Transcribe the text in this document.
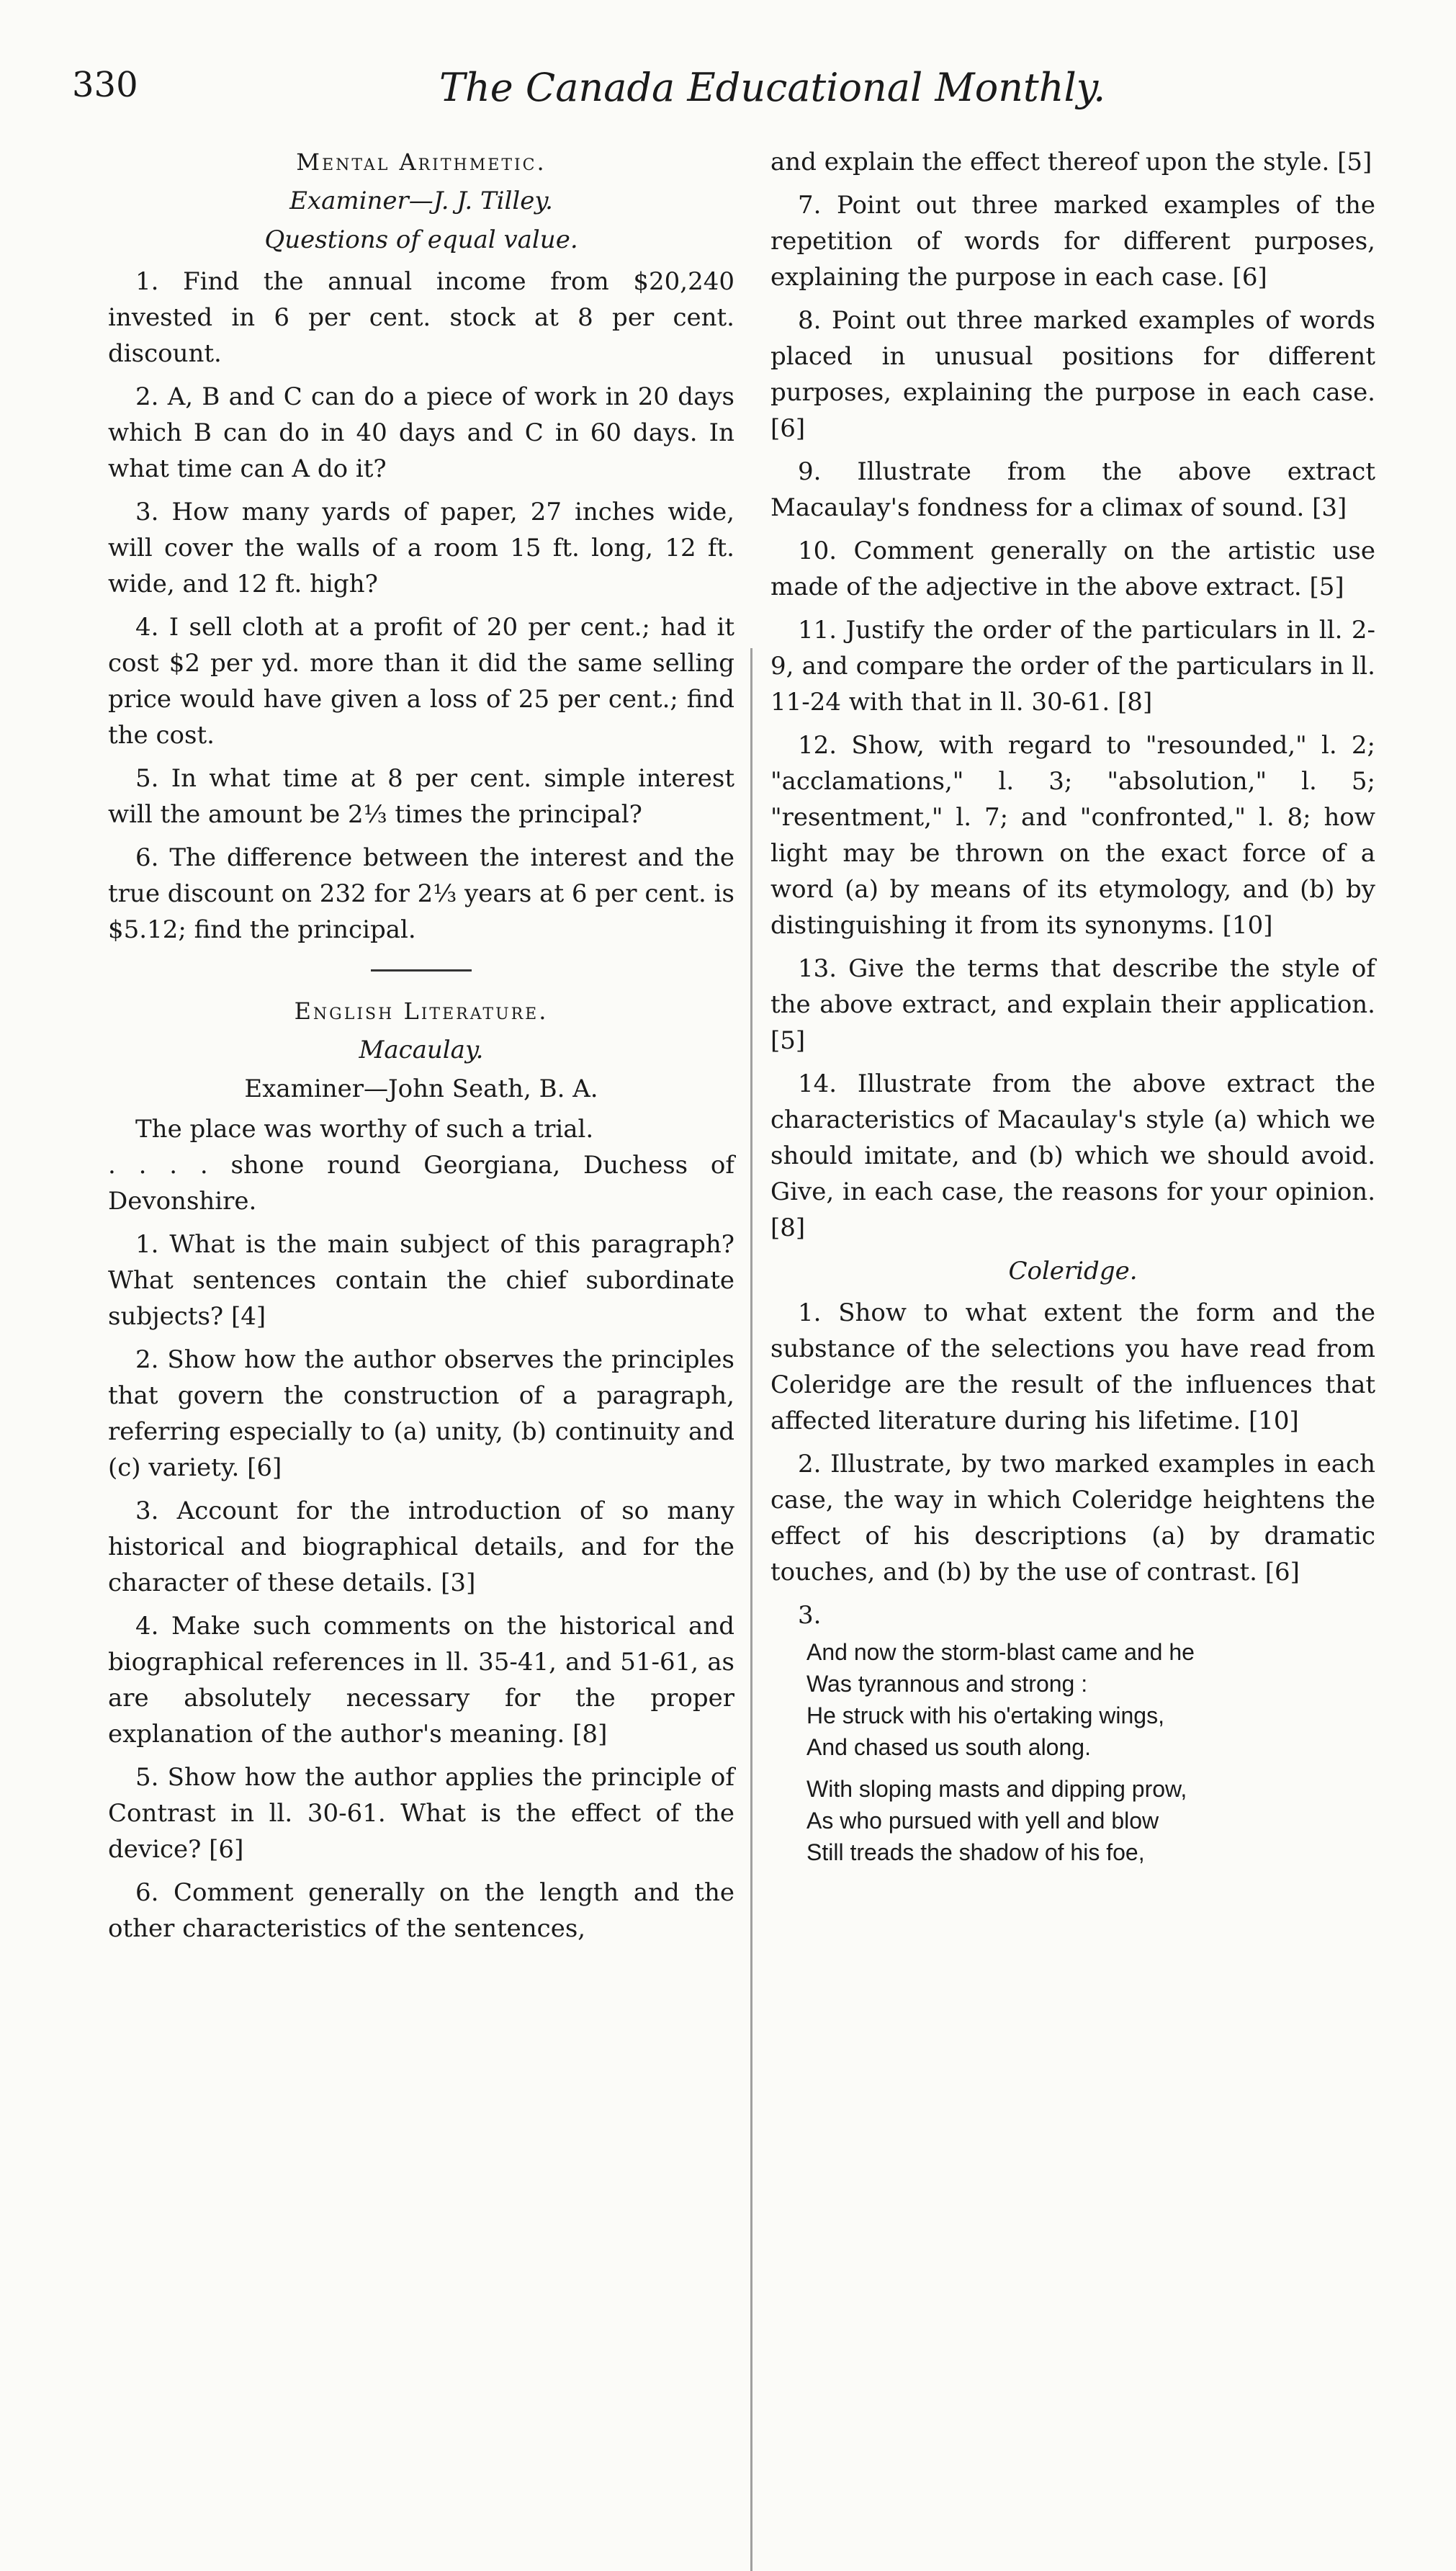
330	The Canada Educational Monthly.
Mental Arithmetic.
Examiner—J. J. Tilley.
Questions of equal value.

1. Find the annual income from $20,240 invested in 6 per cent. stock at 8 per cent. discount.

2. A, B and C can do a piece of work in 20 days which B can do in 40 days and C in 60 days. In what time can A do it?

3. How many yards of paper, 27 inches wide, will cover the walls of a room 15 ft. long, 12 ft. wide, and 12 ft. high?

4. I sell cloth at a profit of 20 per cent.; had it cost $2 per yd. more than it did the same selling price would have given a loss of 25 per cent.; find the cost.

5. In what time at 8 per cent. simple interest will the amount be 2⅓ times the principal?

6. The difference between the interest and the true discount on 232 for 2⅓ years at 6 per cent. is $5.12; find the principal.

English Literature.
Macaulay.
Examiner—John Seath, B. A.

The place was worthy of such a trial.

. . . . shone round Georgiana, Duchess of Devonshire.

1. What is the main subject of this paragraph? What sentences contain the chief subordinate subjects? [4]

2. Show how the author observes the principles that govern the construction of a paragraph, referring especially to (a) unity, (b) continuity and (c) variety. [6]

3. Account for the introduction of so many historical and biographical details, and for the character of these details. [3]

4. Make such comments on the historical and biographical references in ll. 35-41, and 51-61, as are absolutely necessary for the proper explanation of the author's meaning. [8]

5. Show how the author applies the principle of Contrast in ll. 30-61. What is the effect of the device? [6]

6. Comment generally on the length and the other characteristics of the sentences,

and explain the effect thereof upon the style. [5]

7. Point out three marked examples of the repetition of words for different purposes, explaining the purpose in each case. [6]

8. Point out three marked examples of words placed in unusual positions for different purposes, explaining the purpose in each case. [6]

9. Illustrate from the above extract Macaulay's fondness for a climax of sound. [3]

10. Comment generally on the artistic use made of the adjective in the above extract. [5]

11. Justify the order of the particulars in ll. 2-9, and compare the order of the particulars in ll. 11-24 with that in ll. 30-61. [8]

12. Show, with regard to "resounded," l. 2; "acclamations," l. 3; "absolution," l. 5; "resentment," l. 7; and "confronted," l. 8; how light may be thrown on the exact force of a word (a) by means of its etymology, and (b) by distinguishing it from its synonyms. [10]

13. Give the terms that describe the style of the above extract, and explain their application. [5]

14. Illustrate from the above extract the characteristics of Macaulay's style (a) which we should imitate, and (b) which we should avoid. Give, in each case, the reasons for your opinion. [8]

Coleridge.

1. Show to what extent the form and the substance of the selections you have read from Coleridge are the result of the influences that affected literature during his lifetime. [10]

2. Illustrate, by two marked examples in each case, the way in which Coleridge heightens the effect of his descriptions (a) by dramatic touches, and (b) by the use of contrast. [6]

3.

And now the storm-blast came and he
Was tyrannous and strong :
He struck with his o'ertaking wings,
And chased us south along.
With sloping masts and dipping prow,
As who pursued with yell and blow
Still treads the shadow of his foe,
